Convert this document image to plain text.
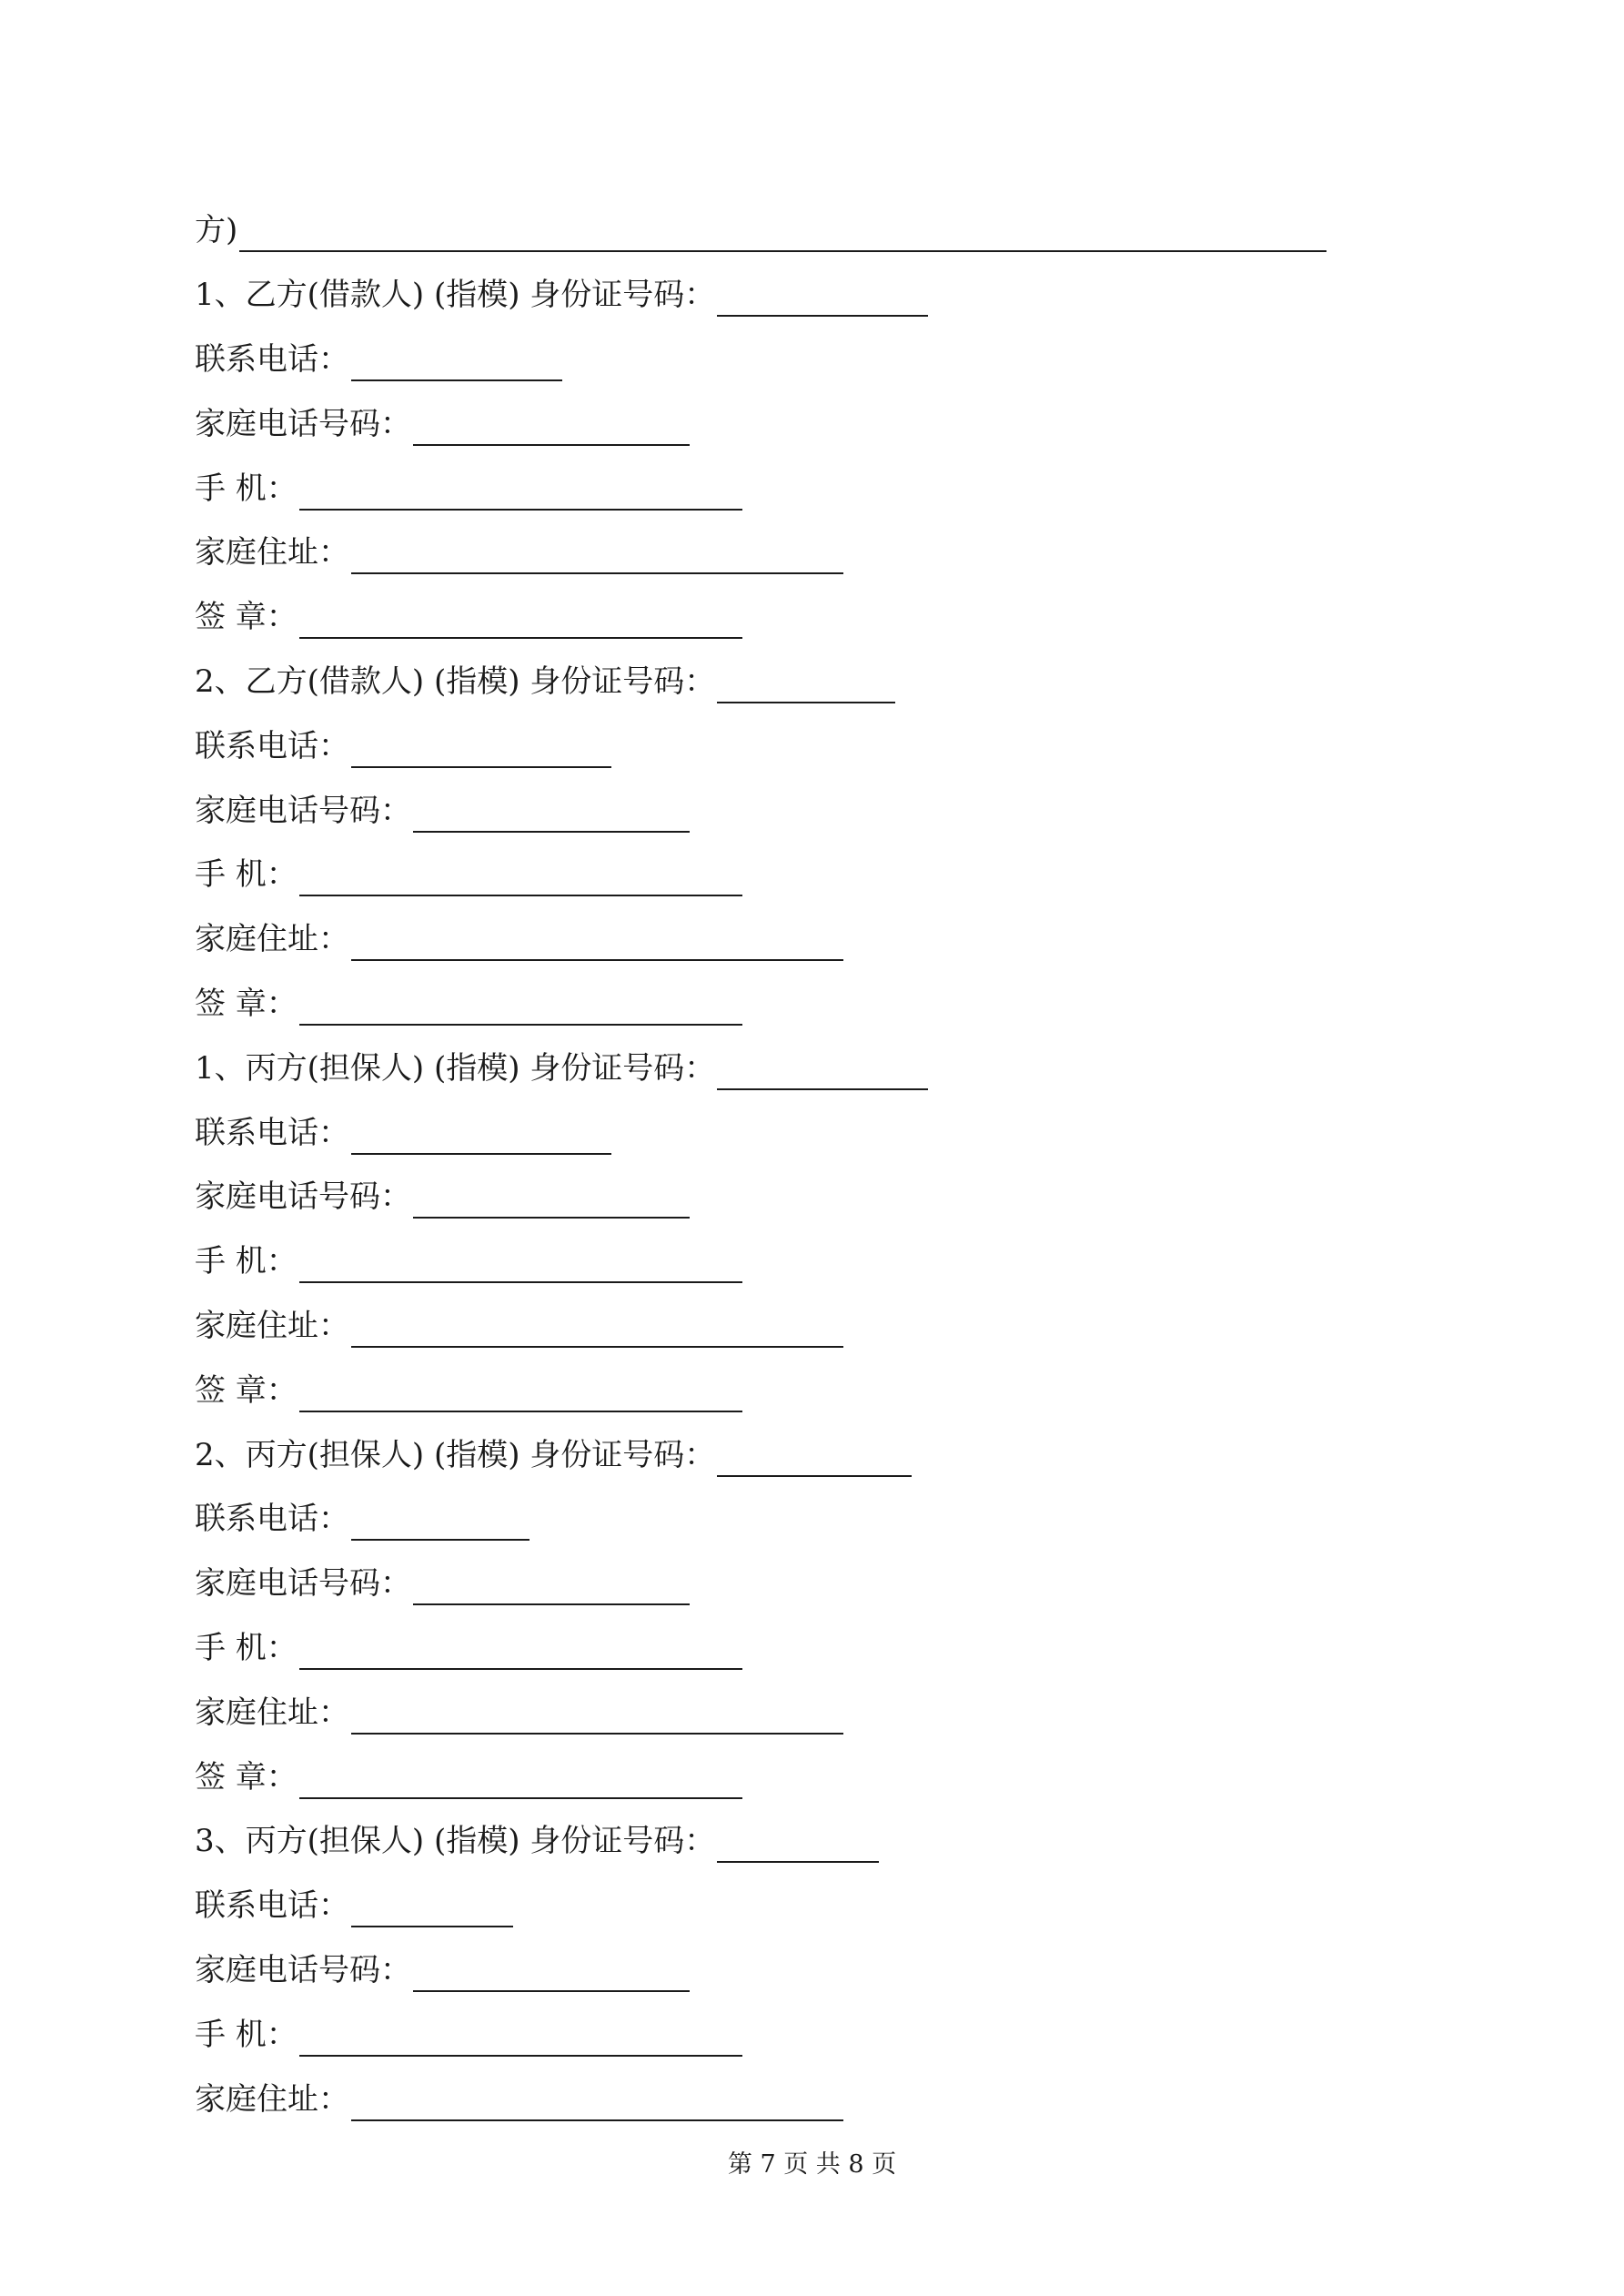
方)
1、乙方(借款人) (指模) 身份证号码：
联系电话：
家庭电话号码：
手 机：
家庭住址：
签 章：
2、乙方(借款人) (指模) 身份证号码：
联系电话：
家庭电话号码：
手 机：
家庭住址：
签 章：
1、丙方(担保人) (指模) 身份证号码：
联系电话：
家庭电话号码：
手 机：
家庭住址：
签 章：
2、丙方(担保人) (指模) 身份证号码：
联系电话：
家庭电话号码：
手 机：
家庭住址：
签 章：
3、丙方(担保人) (指模) 身份证号码：
联系电话：
家庭电话号码：
手 机：
家庭住址：
第 7 页 共 8 页
